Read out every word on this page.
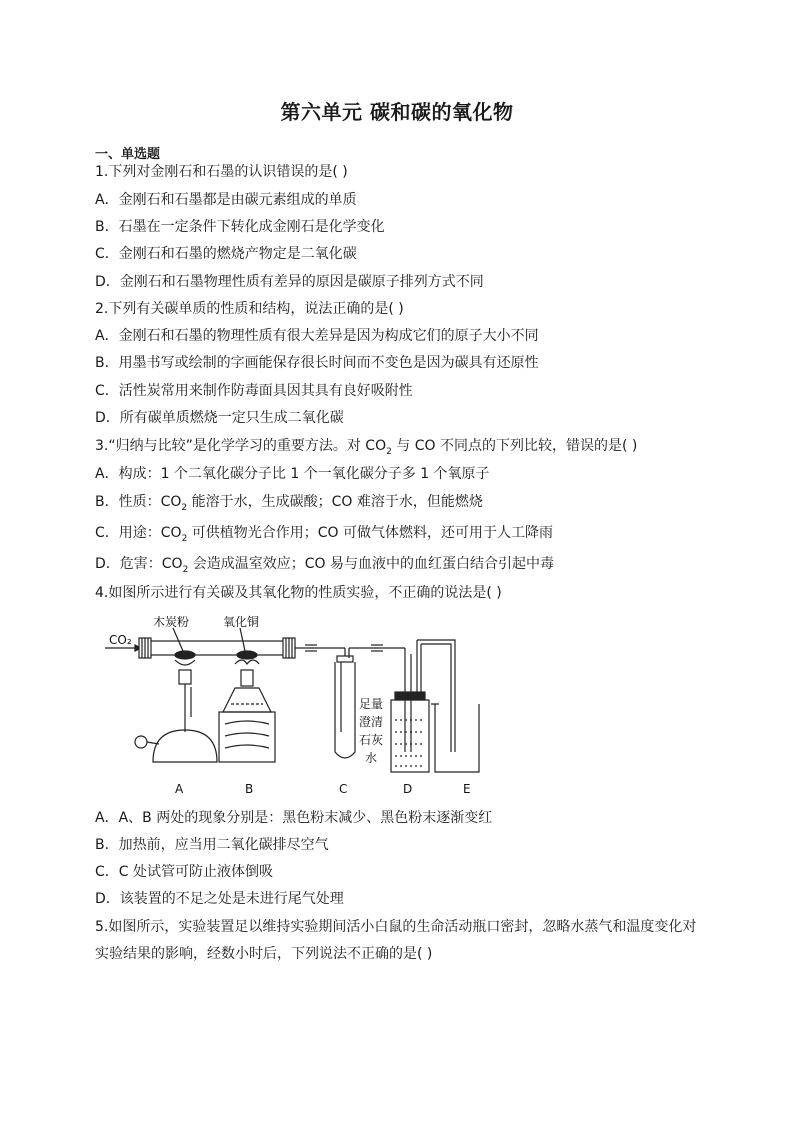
第六单元 碳和碳的氧化物
一、单选题
1.下列对金刚石和石墨的认识错误的是( )
A．金刚石和石墨都是由碳元素组成的单质
B．石墨在一定条件下转化成金刚石是化学变化
C．金刚石和石墨的燃烧产物定是二氧化碳
D．金刚石和石墨物理性质有差异的原因是碳原子排列方式不同
2.下列有关碳单质的性质和结构，说法正确的是( )
A．金刚石和石墨的物理性质有很大差异是因为构成它们的原子大小不同
B．用墨书写或绘制的字画能保存很长时间而不变色是因为碳具有还原性
C．活性炭常用来制作防毒面具因其具有良好吸附性
D．所有碳单质燃烧一定只生成二氧化碳
3.“归纳与比较”是化学学习的重要方法。对 $CO_2$ 与 CO 不同点的下列比较，错误的是( )
A．构成：1 个二氧化碳分子比 1 个一氧化碳分子多 1 个氧原子
B．性质：$CO_2$ 能溶于水，生成碳酸；CO 难溶于水，但能燃烧
C．用途：$CO_2$ 可供植物光合作用；CO 可做气体燃料，还可用于人工降雨
D．危害：$CO_2$ 会造成温室效应；CO 易与血液中的血红蛋白结合引起中毒
4.如图所示进行有关碳及其氧化物的性质实验，不正确的说法是( )
CO₂
木炭粉	氧化铜
足量
澄清
石灰
水
A	B	C	D	E
A．A、B 两处的现象分别是：黑色粉末减少、黑色粉末逐渐变红
B．加热前，应当用二氧化碳排尽空气
C．C 处试管可防止液体倒吸
D．该装置的不足之处是未进行尾气处理
5.如图所示，实验装置足以维持实验期间活小白鼠的生命活动瓶口密封，忽略水蒸气和温度变化对
实验结果的影响，经数小时后，下列说法不正确的是( )
